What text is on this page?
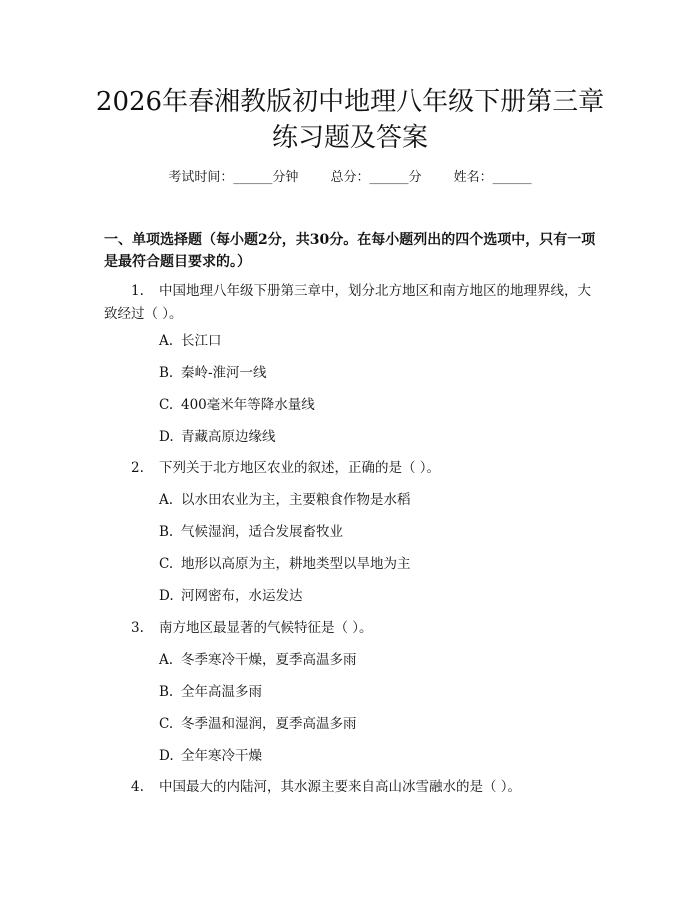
2026年春湘教版初中地理八年级下册第三章
练习题及答案
考试时间：______分钟 总分：______分 姓名：______
一、单项选择题（每小题2分，共30分。在每小题列出的四个选项中，只有一项
是最符合题目要求的。）
1. 中国地理八年级下册第三章中，划分北方地区和南方地区的地理界线，大
致经过（ ）。
A. 长江口
B. 秦岭-淮河一线
C. 400毫米年等降水量线
D. 青藏高原边缘线
2. 下列关于北方地区农业的叙述，正确的是（ ）。
A. 以水田农业为主，主要粮食作物是水稻
B. 气候湿润，适合发展畜牧业
C. 地形以高原为主，耕地类型以旱地为主
D. 河网密布，水运发达
3. 南方地区最显著的气候特征是（ ）。
A. 冬季寒冷干燥，夏季高温多雨
B. 全年高温多雨
C. 冬季温和湿润，夏季高温多雨
D. 全年寒冷干燥
4. 中国最大的内陆河，其水源主要来自高山冰雪融水的是（ ）。
